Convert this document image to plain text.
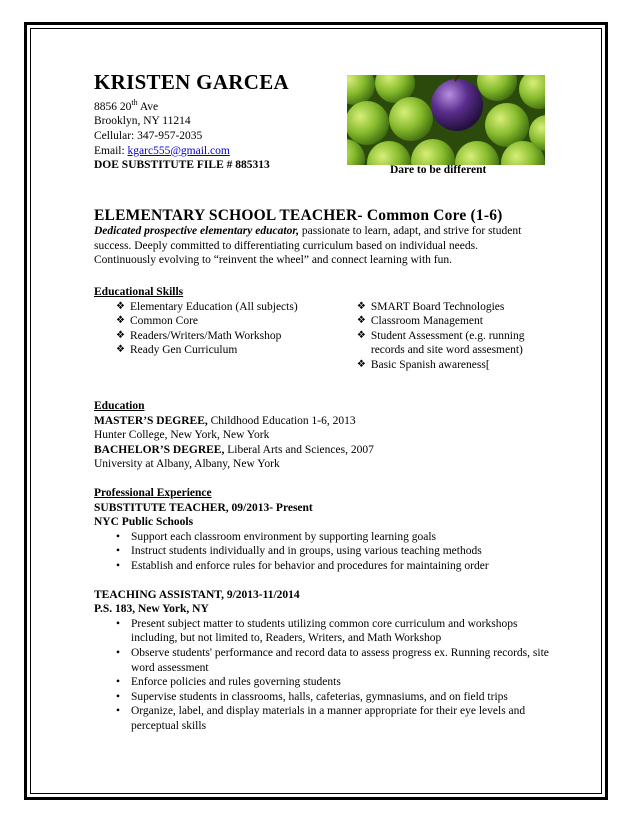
KRISTEN GARCEA
8856 20th Ave
Brooklyn, NY 11214
Cellular: 347-957-2035
Email: kgarc555@gmail.com
DOE SUBSTITUTE FILE # 885313	Dare to be different
ELEMENTARY SCHOOL TEACHER- Common Core (1-6)
Dedicated prospective elementary educator, passionate to learn, adapt, and strive for student success. Deeply committed to differentiating curriculum based on individual needs. Continuously evolving to “reinvent the wheel” and connect learning with fun.
Educational Skills
❖ Elementary Education (All subjects)
❖ Common Core
❖ Readers/Writers/Math Workshop
❖ Ready Gen Curriculum
❖ SMART Board Technologies
❖ Classroom Management
❖ Student Assessment (e.g. running records and site word assesment)
❖ Basic Spanish awareness[
Education
MASTER’S DEGREE, Childhood Education 1-6, 2013
Hunter College, New York, New York
BACHELOR’S DEGREE, Liberal Arts and Sciences, 2007
University at Albany, Albany, New York
Professional Experience
SUBSTITUTE TEACHER, 09/2013- Present
NYC Public Schools
• Support each classroom environment by supporting learning goals
• Instruct students individually and in groups, using various teaching methods
• Establish and enforce rules for behavior and procedures for maintaining order
TEACHING ASSISTANT, 9/2013-11/2014
P.S. 183, New York, NY
• Present subject matter to students utilizing common core curriculum and workshops including, but not limited to, Readers, Writers, and Math Workshop
• Observe students' performance and record data to assess progress ex. Running records, site word assessment
• Enforce policies and rules governing students
• Supervise students in classrooms, halls, cafeterias, gymnasiums, and on field trips
• Organize, label, and display materials in a manner appropriate for their eye levels and perceptual skills
